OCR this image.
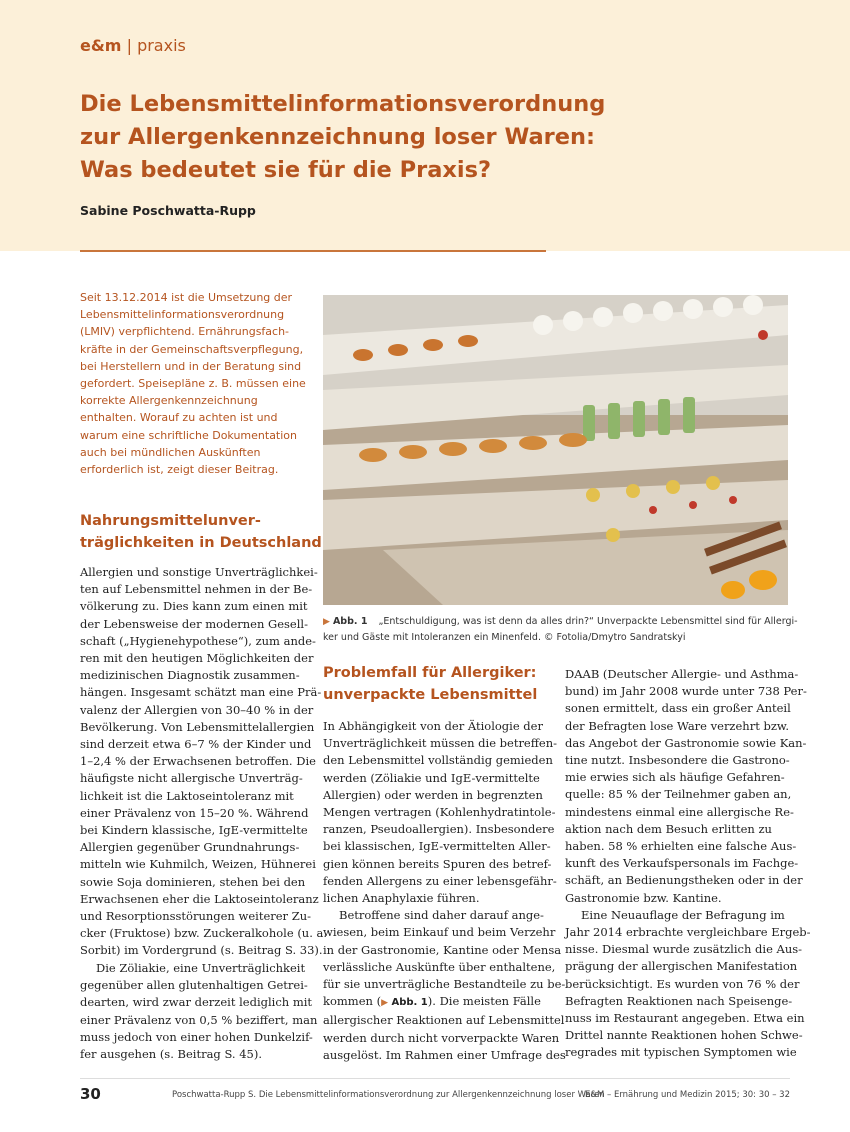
e&m | praxis
Die Lebensmittelinformationsverordnung
zur Allergenkennzeichnung loser Waren:
Was bedeutet sie für die Praxis?
Sabine Poschwatta-Rupp
Seit 13.12.2014 ist die Umsetzung der
Lebensmittelinformationsverordnung
(LMIV) verpflichtend. Ernährungsfach-
kräfte in der Gemeinschaftsverpflegung,
bei Herstellern und in der Beratung sind
gefordert. Speisepläne z. B. müssen eine
korrekte Allergenkennzeichnung
enthalten. Worauf zu achten ist und
warum eine schriftliche Dokumentation
auch bei mündlichen Auskünften
erforderlich ist, zeigt dieser Beitrag.
Nahrungsmittelunver-
träglichkeiten in Deutschland
Allergien und sonstige Unverträglichkei-
ten auf Lebensmittel nehmen in der Be-
völkerung zu. Dies kann zum einen mit
der Lebensweise der modernen Gesell-
schaft („Hygienehypothese“), zum ande-
ren mit den heutigen Möglichkeiten der
medizinischen Diagnostik zusammen-
hängen. Insgesamt schätzt man eine Prä-
valenz der Allergien von 30–40 % in der
Bevölkerung. Von Lebensmittelallergien
sind derzeit etwa 6–7 % der Kinder und
1–2,4 % der Erwachsenen betroffen. Die
häufigste nicht allergische Unverträg-
lichkeit ist die Laktoseintoleranz mit
einer Prävalenz von 15–20 %. Während
bei Kindern klassische, IgE-vermittelte
Allergien gegenüber Grundnahrungs-
mitteln wie Kuhmilch, Weizen, Hühnerei
sowie Soja dominieren, stehen bei den
Erwachsenen eher die Laktoseintoleranz
und Resorptionsstörungen weiterer Zu-
cker (Fruktose) bzw. Zuckeralkohole (u. a.
Sorbit) im Vordergrund (s. Beitrag S. 33).
Die Zöliakie, eine Unverträglichkeit
gegenüber allen glutenhaltigen Getrei-
dearten, wird zwar derzeit lediglich mit
einer Prävalenz von 0,5 % beziffert, man
muss jedoch von einer hohen Dunkelzif-
fer ausgehen (s. Beitrag S. 45).
▶ Abb. 1 „Entschuldigung, was ist denn da alles drin?“ Unverpackte Lebensmittel sind für Allergi-
ker und Gäste mit Intoleranzen ein Minenfeld. © Fotolia/Dmytro Sandratskyi
Problemfall für Allergiker:
unverpackte Lebensmittel
In Abhängigkeit von der Ätiologie der
Unverträglichkeit müssen die betreffen-
den Lebensmittel vollständig gemieden
werden (Zöliakie und IgE-vermittelte
Allergien) oder werden in begrenzten
Mengen vertragen (Kohlenhydratintole-
ranzen, Pseudoallergien). Insbesondere
bei klassischen, IgE-vermittelten Aller-
gien können bereits Spuren des betref-
fenden Allergens zu einer lebensgefähr-
lichen Anaphylaxie führen.
Betroffene sind daher darauf ange-
wiesen, beim Einkauf und beim Verzehr
in der Gastronomie, Kantine oder Mensa
verlässliche Auskünfte über enthaltene,
für sie unverträgliche Bestandteile zu be-
kommen (▶ Abb. 1). Die meisten Fälle
allergischer Reaktionen auf Lebensmittel
werden durch nicht vorverpackte Waren
ausgelöst. Im Rahmen einer Umfrage des
DAAB (Deutscher Allergie- und Asthma-
bund) im Jahr 2008 wurde unter 738 Per-
sonen ermittelt, dass ein großer Anteil
der Befragten lose Ware verzehrt bzw.
das Angebot der Gastronomie sowie Kan-
tine nutzt. Insbesondere die Gastrono-
mie erwies sich als häufige Gefahren-
quelle: 85 % der Teilnehmer gaben an,
mindestens einmal eine allergische Re-
aktion nach dem Besuch erlitten zu
haben. 58 % erhielten eine falsche Aus-
kunft des Verkaufspersonals im Fachge-
schäft, an Bedienungstheken oder in der
Gastronomie bzw. Kantine.
Eine Neuauflage der Befragung im
Jahr 2014 erbrachte vergleichbare Ergeb-
nisse. Diesmal wurde zusätzlich die Aus-
prägung der allergischen Manifestation
berücksichtigt. Es wurden von 76 % der
Befragten Reaktionen nach Speisengе-
nuss im Restaurant angegeben. Etwa ein
Drittel nannte Reaktionen hohen Schwe-
regrades mit typischen Symptomen wie
30	Poschwatta-Rupp S. Die Lebensmittelinformationsverordnung zur Allergenkennzeichnung loser Waren
E&M – Ernährung und Medizin 2015; 30: 30 – 32
